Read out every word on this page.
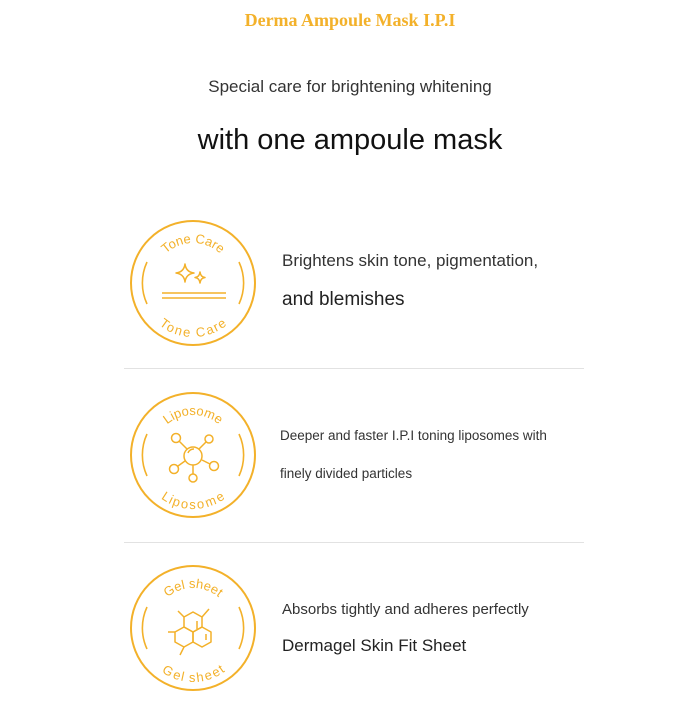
Derma Ampoule Mask I.P.I

Special care for brightening whitening

with one ampoule mask
Tone Care
Tone Care
Brightens skin tone, pigmentation,
and blemishes
Liposome
Liposome
Deeper and faster I.P.I toning liposomes with
finely divided particles
Gel sheet
Gel sheet
Absorbs tightly and adheres perfectly
Dermagel Skin Fit Sheet
